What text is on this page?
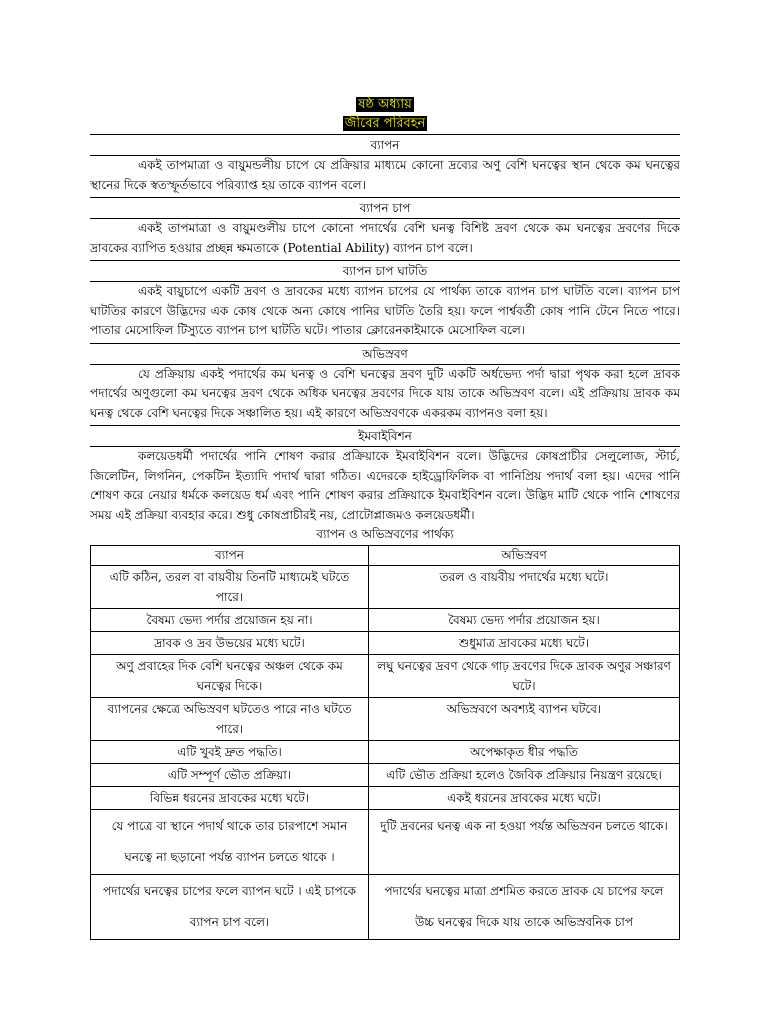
ষষ্ঠ অধ্যায়
জীবের পরিবহন
ব্যাপন

একই তাপমাত্রা ও বায়ুমন্ডলীয় চাপে যে প্রক্রিয়ার মাধ্যমে কোনো দ্রব্যের অণু বেশি ঘনত্বের স্থান থেকে কম ঘনত্বের স্থানের দিকে স্বতস্ফূর্তভাবে পরিব্যাপ্ত হয় তাকে ব্যাপন বলে।

ব্যাপন চাপ

একই তাপমাত্রা ও বায়ুমণ্ডলীয় চাপে কোনো পদার্থের বেশি ঘনত্ব বিশিষ্ট দ্রবণ থেকে কম ঘনত্বের দ্রবণের দিকে দ্রাবকের ব্যাপিত হওয়ার প্রচ্ছন্ন ক্ষমতাকে (Potential Ability) ব্যাপন চাপ বলে।

ব্যাপন চাপ ঘাটতি

একই বায়ুচাপে একটি দ্রবণ ও দ্রাবকের মধ্যে ব্যাপন চাপের যে পার্থক্য তাকে ব্যাপন চাপ ঘাটতি বলে। ব্যাপন চাপ ঘাটতির কারণে উদ্ভিদের এক কোষ থেকে অন্য কোষে পানির ঘাটতি তৈরি হয়। ফলে পার্শ্ববর্তী কোষ পানি টেনে নিতে পারে। পাতার মেসোফিল টিস্যুতে ব্যাপন চাপ ঘাটতি ঘটে। পাতার ক্লোরেনকাইমাকে মেসোফিল বলে।

অভিস্রবণ

যে প্রক্রিয়ায় একই পদার্থের কম ঘনত্ব ও বেশি ঘনত্বের দ্রবণ দুটি একটি অর্ধভেদ্য পর্দা দ্বারা পৃথক করা হলে দ্রাবক পদার্থের অণুগুলো কম ঘনত্বের দ্রবণ থেকে অধিক ঘনত্বের দ্রবণের দিকে যায় তাকে অভিস্রবণ বলে। এই প্রক্রিয়ায় দ্রাবক কম ঘনত্ব থেকে বেশি ঘনত্বের দিকে সঞ্চালিত হয়। এই কারণে অভিস্রবণকে একরকম ব্যাপনও বলা হয়।

ইমবাইবিশন

কলয়েডধর্মী পদার্থের পানি শোষণ করার প্রক্রিয়াকে ইমবাইবিশন বলে। উদ্ভিদের কোষপ্রাচীর সেলুলোজ, স্টার্চ, জিলেটিন, লিগনিন, পেকটিন ইত্যাদি পদার্থ দ্বারা গঠিত। এদেরকে হাইড্রোফিলিক বা পানিপ্রিয় পদার্থ বলা হয়। এদের পানি শোষণ করে নেয়ার ধর্মকে কলয়েড ধর্ম এবং পানি শোষণ করার প্রক্রিয়াকে ইমবাইবিশন বলে। উদ্ভিদ মাটি থেকে পানি শোষণের সময় এই প্রক্রিয়া ব্যবহার করে। শুধু কোষপ্রাচীরই নয়, প্রোটোপ্লাজমও কলয়েডধর্মী।

ব্যাপন ও অভিস্রবণের পার্থক্য
ব্যাপন	অভিস্রবণ
এটি কঠিন, তরল বা বায়বীয় তিনটি মাধ্যমেই ঘটতে পারে।	তরল ও বায়বীয় পদার্থের মধ্যে ঘটে।
বৈষম্য ভেদ্য পর্দার প্রয়োজন হয় না।	বৈষম্য ভেদ্য পর্দার প্রয়োজন হয়।
দ্রাবক ও দ্রব উভয়ের মধ্যে ঘটে।	শুধুমাত্র দ্রাবকের মধ্যে ঘটে।
অণু প্রবাহের দিক বেশি ঘনত্বের অঞ্চল থেকে কম ঘনত্বের দিকে।	লঘু ঘনত্বের দ্রবণ থেকে গাঢ় দ্রবণের দিকে দ্রাবক অণুর সঞ্চারণ ঘটে।
ব্যাপনের ক্ষেত্রে অভিস্রবণ ঘটতেও পারে নাও ঘটতে পারে।	অভিস্রবণে অবশ্যই ব্যাপন ঘটবে।
এটি খুবই দ্রুত পদ্ধতি।	অপেক্ষাকৃত ধীর পদ্ধতি
এটি সম্পূর্ণ ভৌত প্রক্রিয়া।	এটি ভৌত প্রক্রিয়া হলেও জৈবিক প্রক্রিয়ার নিয়ন্ত্রণ রয়েছে।
বিভিন্ন ধরনের দ্রাবকের মধ্যে ঘটে।	একই ধরনের দ্রাবকের মধ্যে ঘটে।
যে পাত্রে বা স্থানে পদার্থ থাকে তার চারপাশে সমান ঘনত্বে না ছড়ানো পর্যন্ত ব্যাপন চলতে থাকে ।	দুটি দ্রবনের ঘনত্ব এক না হওয়া পর্যন্ত অভিস্রবন চলতে থাকে।
পদার্থের ঘনত্বের চাপের ফলে ব্যাপন ঘটে । এই চাপকে ব্যাপন চাপ বলে।	পদার্থের ঘনত্বের মাত্রা প্রশমিত করতে দ্রাবক যে চাপের ফলে উচ্চ ঘনত্বের দিকে যায় তাকে অভিস্রবনিক চাপ
